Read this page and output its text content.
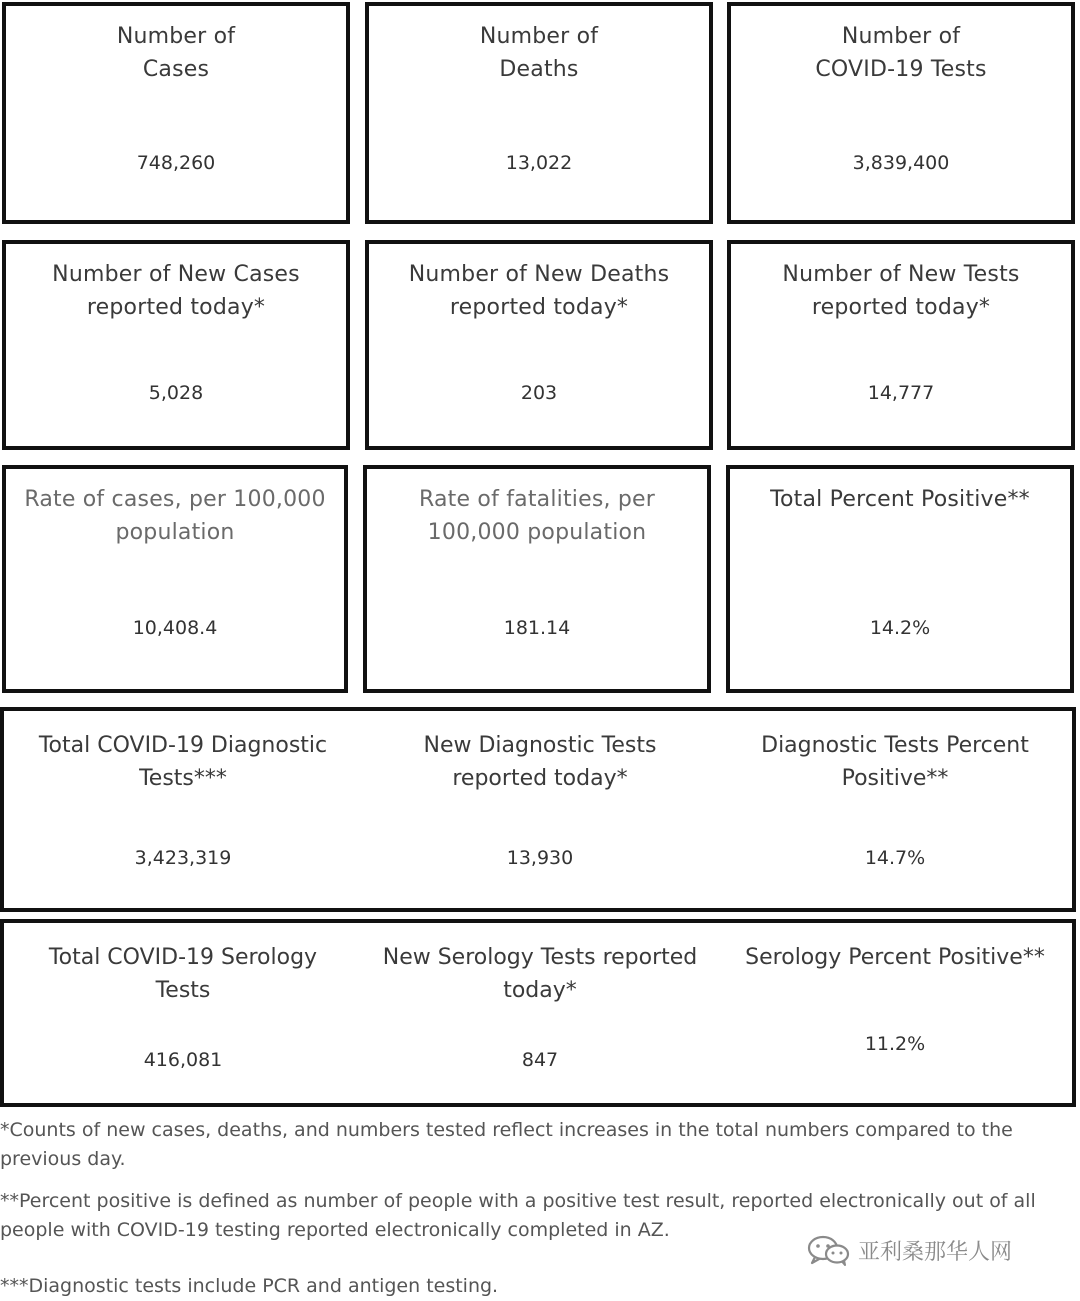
Number of
Cases
748,260
Number of
Deaths
13,022
Number of
COVID-19 Tests
3,839,400
Number of New Cases
reported today*
5,028
Number of New Deaths
reported today*
203
Number of New Tests
reported today*
14,777
Rate of cases, per 100,000
population
10,408.4
Rate of fatalities, per
100,000 population
181.14
Total Percent Positive**
14.2%
Total COVID-19 Diagnostic
Tests***
3,423,319
New Diagnostic Tests
reported today*
13,930
Diagnostic Tests Percent
Positive**
14.7%
Total COVID-19 Serology
Tests
416,081
New Serology Tests reported
today*
847
Serology Percent Positive**
11.2%
*Counts of new cases, deaths, and numbers tested reflect increases in the total numbers compared to the previous day.
**Percent positive is defined as number of people with a positive test result, reported electronically out of all people with COVID-19 testing reported electronically completed in AZ.
***Diagnostic tests include PCR and antigen testing.
亚利桑那华人网
